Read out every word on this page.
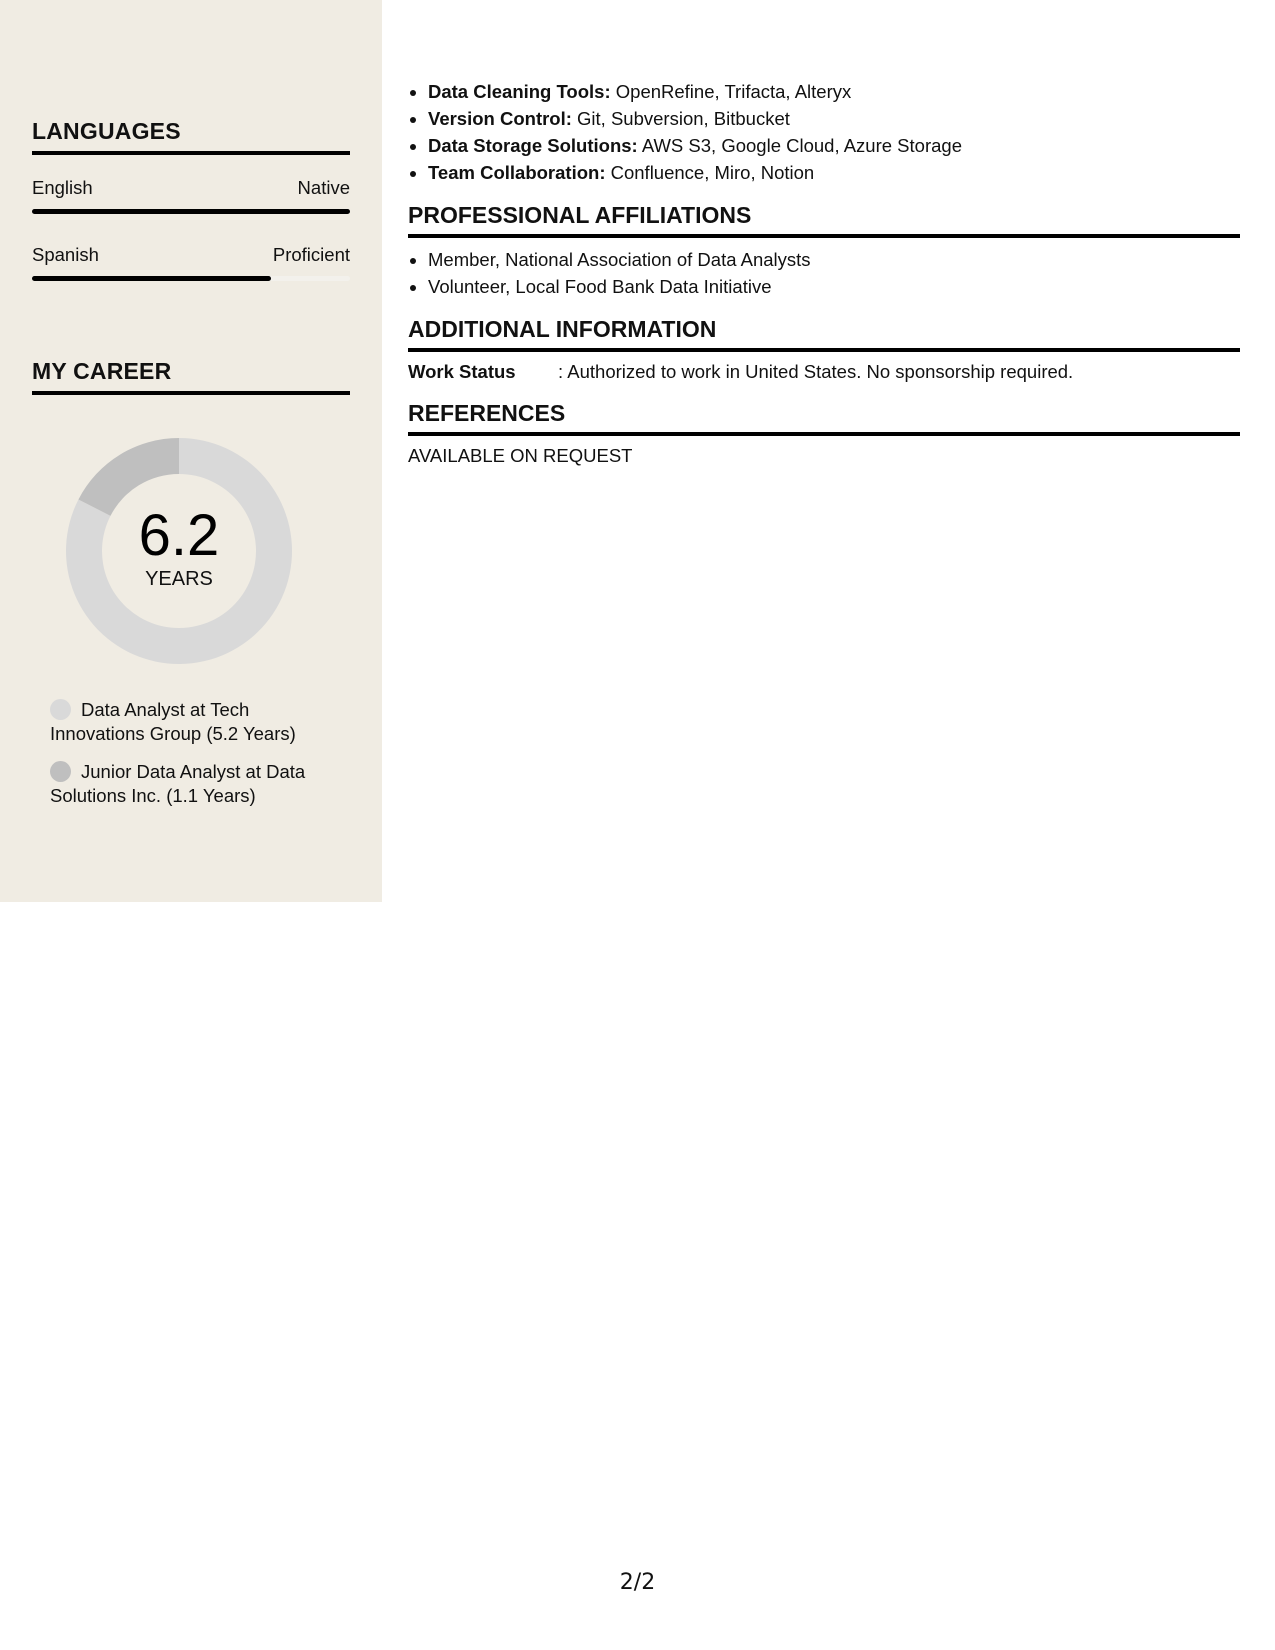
LANGUAGES
English	Native
Spanish	Proficient
MY CAREER
6.2
YEARS
Data Analyst at Tech Innovations Group (5.2 Years)
Junior Data Analyst at Data Solutions Inc. (1.1 Years)
• Data Cleaning Tools: OpenRefine, Trifacta, Alteryx
• Version Control: Git, Subversion, Bitbucket
• Data Storage Solutions: AWS S3, Google Cloud, Azure Storage
• Team Collaboration: Confluence, Miro, Notion
PROFESSIONAL AFFILIATIONS
• Member, National Association of Data Analysts
• Volunteer, Local Food Bank Data Initiative
ADDITIONAL INFORMATION
Work Status	: Authorized to work in United States. No sponsorship required.
REFERENCES
AVAILABLE ON REQUEST
2/2
